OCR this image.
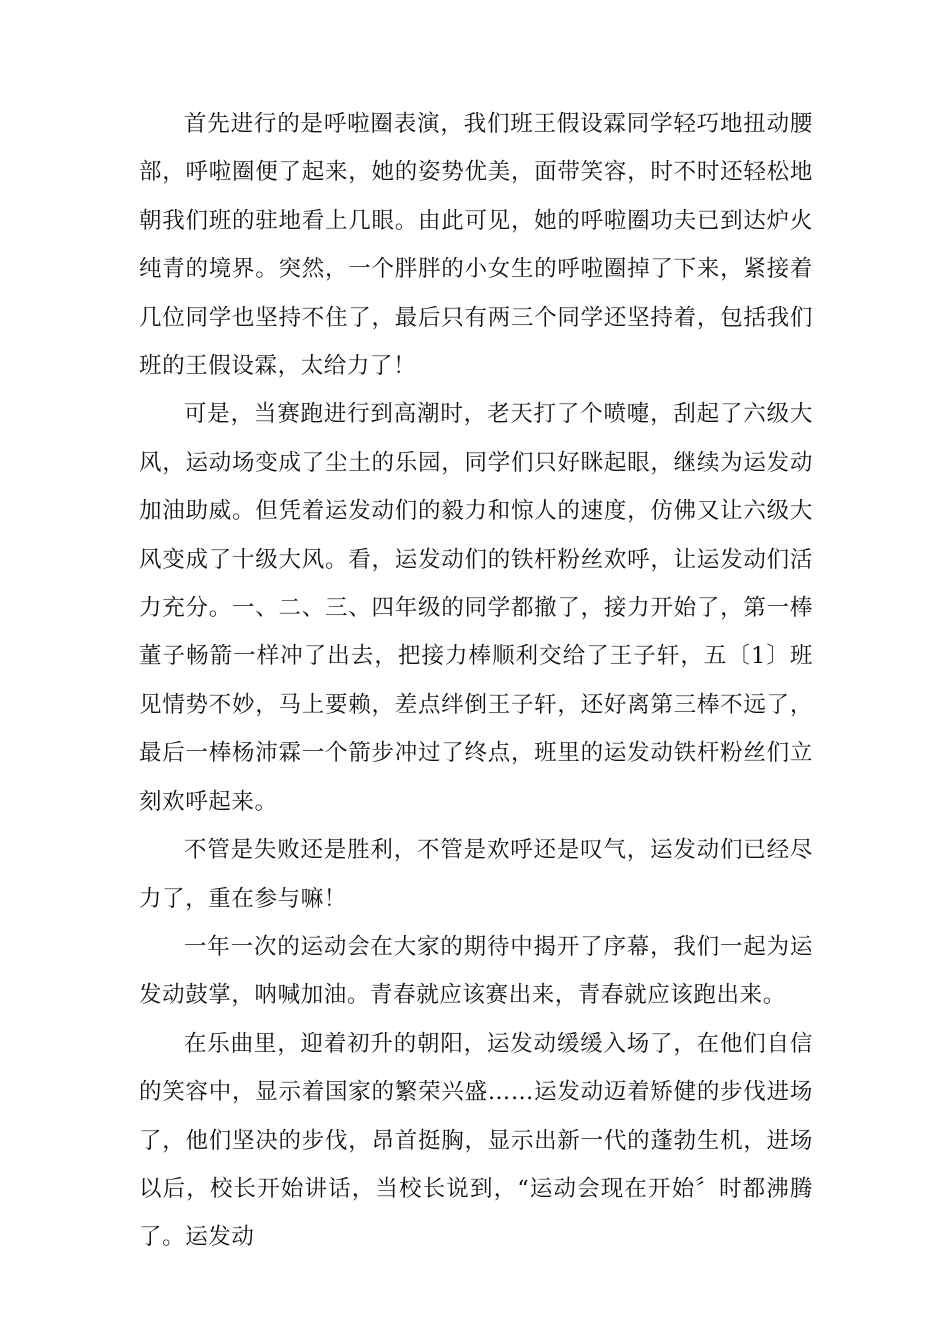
首先进行的是呼啦圈表演，我们班王假设霖同学轻巧地扭动腰部，呼啦圈便了起来，她的姿势优美，面带笑容，时不时还轻松地朝我们班的驻地看上几眼。由此可见，她的呼啦圈功夫已到达炉火纯青的境界。突然，一个胖胖的小女生的呼啦圈掉了下来，紧接着几位同学也坚持不住了，最后只有两三个同学还坚持着，包括我们班的王假设霖，太给力了！

可是，当赛跑进行到高潮时，老天打了个喷嚏，刮起了六级大风，运动场变成了尘土的乐园，同学们只好眯起眼，继续为运发动加油助威。但凭着运发动们的毅力和惊人的速度，仿佛又让六级大风变成了十级大风。看，运发动们的铁杆粉丝欢呼，让运发动们活力充分。一、二、三、四年级的同学都撤了，接力开始了，第一棒董子畅箭一样冲了出去，把接力棒顺利交给了王子轩，五〔1〕班见情势不妙，马上要赖，差点绊倒王子轩，还好离第三棒不远了，最后一棒杨沛霖一个箭步冲过了终点，班里的运发动铁杆粉丝们立刻欢呼起来。

不管是失败还是胜利，不管是欢呼还是叹气，运发动们已经尽力了，重在参与嘛！

一年一次的运动会在大家的期待中揭开了序幕，我们一起为运发动鼓掌，呐喊加油。青春就应该赛出来，青春就应该跑出来。

在乐曲里，迎着初升的朝阳，运发动缓缓入场了，在他们自信的笑容中，显示着国家的繁荣兴盛……运发动迈着矫健的步伐进场了，他们坚决的步伐，昂首挺胸，显示出新一代的蓬勃生机，进场以后，校长开始讲话，当校长说到，“运动会现在开始〞时都沸腾了。运发动
